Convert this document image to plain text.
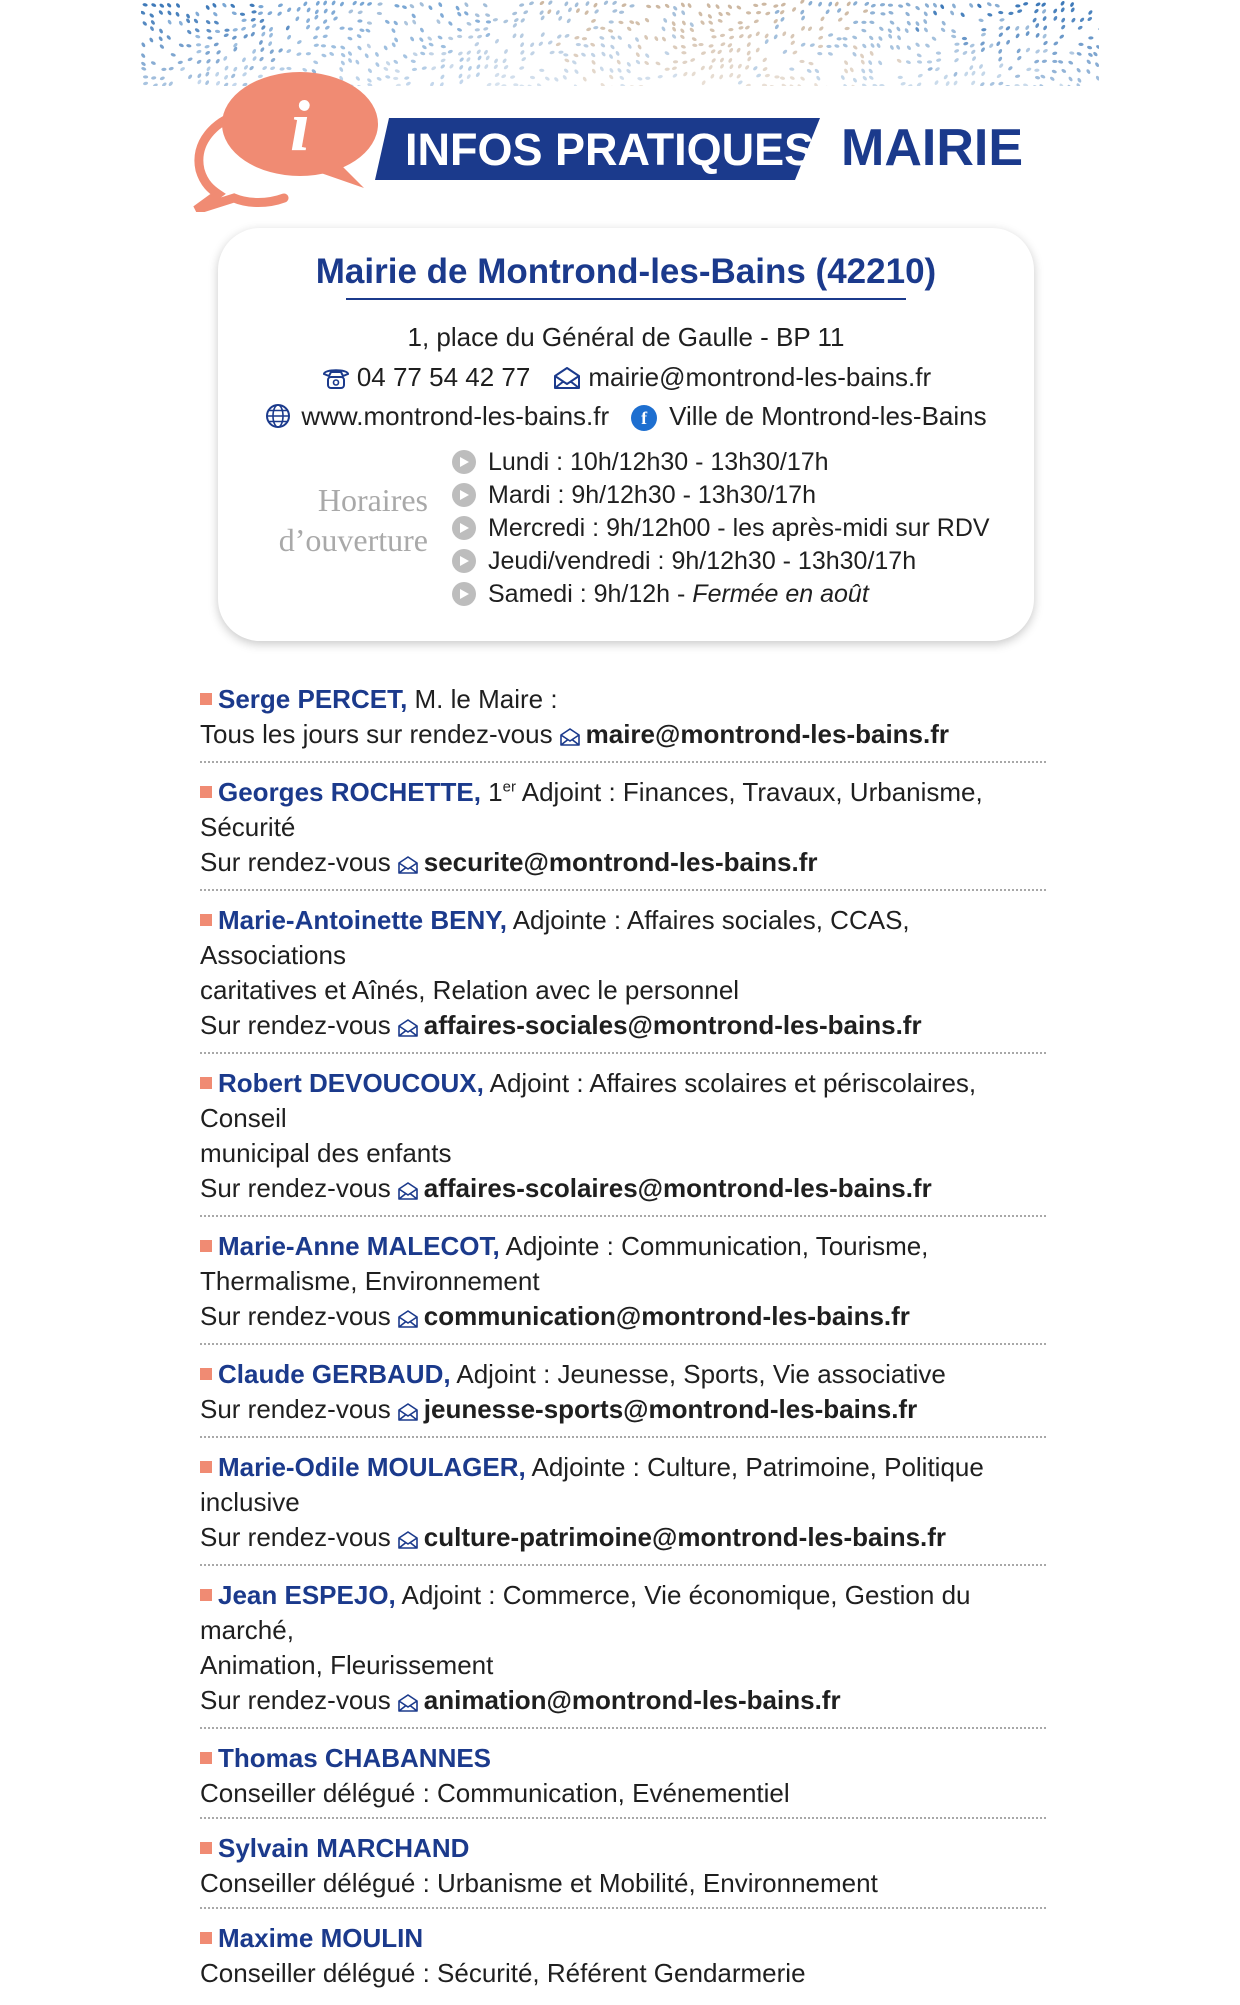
i INFOS PRATIQUES MAIRIE
Mairie de Montrond-les-Bains (42210)
1, place du Général de Gaulle - BP 11
04 77 54 42 77 mairie@montrond-les-bains.fr
www.montrond-les-bains.fr f Ville de Montrond-les-Bains
Horaires
d’ouverture
Lundi : 10h/12h30 - 13h30/17h
Mardi : 9h/12h30 - 13h30/17h
Mercredi : 9h/12h00 - les après-midi sur RDV
Jeudi/vendredi : 9h/12h30 - 13h30/17h
Samedi : 9h/12h - Fermée en août
Serge PERCET, M. le Maire :
Tous les jours sur rendez-vous maire@montrond-les-bains.fr
Georges ROCHETTE, 1er Adjoint : Finances, Travaux, Urbanisme, Sécurité
Sur rendez-vous securite@montrond-les-bains.fr
Marie-Antoinette BENY, Adjointe : Affaires sociales, CCAS, Associations
caritatives et Aînés, Relation avec le personnel
Sur rendez-vous affaires-sociales@montrond-les-bains.fr
Robert DEVOUCOUX, Adjoint : Affaires scolaires et périscolaires, Conseil
municipal des enfants
Sur rendez-vous affaires-scolaires@montrond-les-bains.fr
Marie-Anne MALECOT, Adjointe : Communication, Tourisme,
Thermalisme, Environnement
Sur rendez-vous communication@montrond-les-bains.fr
Claude GERBAUD, Adjoint : Jeunesse, Sports, Vie associative
Sur rendez-vous jeunesse-sports@montrond-les-bains.fr
Marie-Odile MOULAGER, Adjointe : Culture, Patrimoine, Politique inclusive
Sur rendez-vous culture-patrimoine@montrond-les-bains.fr
Jean ESPEJO, Adjoint : Commerce, Vie économique, Gestion du marché,
Animation, Fleurissement
Sur rendez-vous animation@montrond-les-bains.fr
Thomas CHABANNES
Conseiller délégué : Communication, Evénementiel
Sylvain MARCHAND
Conseiller délégué : Urbanisme et Mobilité, Environnement
Maxime MOULIN
Conseiller délégué : Sécurité, Référent Gendarmerie
